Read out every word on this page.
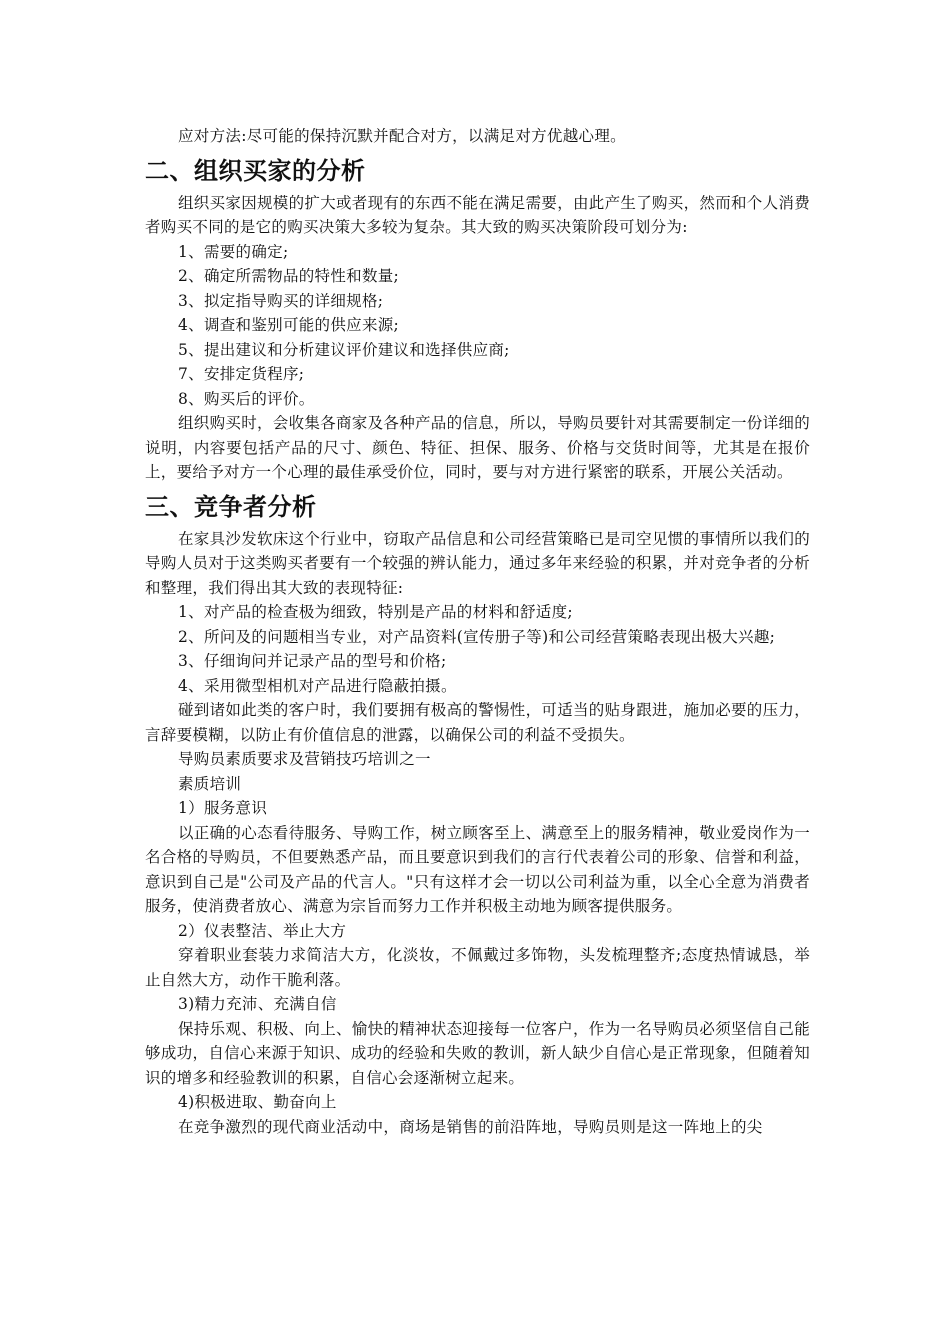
应对方法:尽可能的保持沉默并配合对方，以满足对方优越心理。

二、组织买家的分析

组织买家因规模的扩大或者现有的东西不能在满足需要，由此产生了购买，然而和个人消费者购买不同的是它的购买决策大多较为复杂。其大致的购买决策阶段可划分为:

1、需要的确定;

2、确定所需物品的特性和数量;

3、拟定指导购买的详细规格;

4、调查和鉴别可能的供应来源;

5、提出建议和分析建议评价建议和选择供应商;

7、安排定货程序;

8、购买后的评价。

组织购买时，会收集各商家及各种产品的信息，所以，导购员要针对其需要制定一份详细的说明，内容要包括产品的尺寸、颜色、特征、担保、服务、价格与交货时间等，尤其是在报价上，要给予对方一个心理的最佳承受价位，同时，要与对方进行紧密的联系，开展公关活动。

三、竞争者分析

在家具沙发软床这个行业中，窃取产品信息和公司经营策略已是司空见惯的事情所以我们的导购人员对于这类购买者要有一个较强的辨认能力，通过多年来经验的积累，并对竞争者的分析和整理，我们得出其大致的表现特征:

1、对产品的检查极为细致，特别是产品的材料和舒适度;

2、所问及的问题相当专业，对产品资料(宣传册子等)和公司经营策略表现出极大兴趣;

3、仔细询问并记录产品的型号和价格;

4、采用微型相机对产品进行隐蔽拍摄。

碰到诸如此类的客户时，我们要拥有极高的警惕性，可适当的贴身跟进，施加必要的压力，言辞要模糊，以防止有价值信息的泄露，以确保公司的利益不受损失。

导购员素质要求及营销技巧培训之一

素质培训

1）服务意识

以正确的心态看待服务、导购工作，树立顾客至上、满意至上的服务精神，敬业爱岗作为一名合格的导购员，不但要熟悉产品，而且要意识到我们的言行代表着公司的形象、信誉和利益，意识到自己是"公司及产品的代言人。"只有这样才会一切以公司利益为重，以全心全意为消费者服务，使消费者放心、满意为宗旨而努力工作并积极主动地为顾客提供服务。

2）仪表整洁、举止大方

穿着职业套装力求简洁大方，化淡妆，不佩戴过多饰物，头发梳理整齐;态度热情诚恳，举止自然大方，动作干脆利落。

3)精力充沛、充满自信

保持乐观、积极、向上、愉快的精神状态迎接每一位客户，作为一名导购员必须坚信自己能够成功，自信心来源于知识、成功的经验和失败的教训，新人缺少自信心是正常现象，但随着知识的增多和经验教训的积累，自信心会逐渐树立起来。

4)积极进取、勤奋向上

在竞争激烈的现代商业活动中，商场是销售的前沿阵地，导购员则是这一阵地上的尖
